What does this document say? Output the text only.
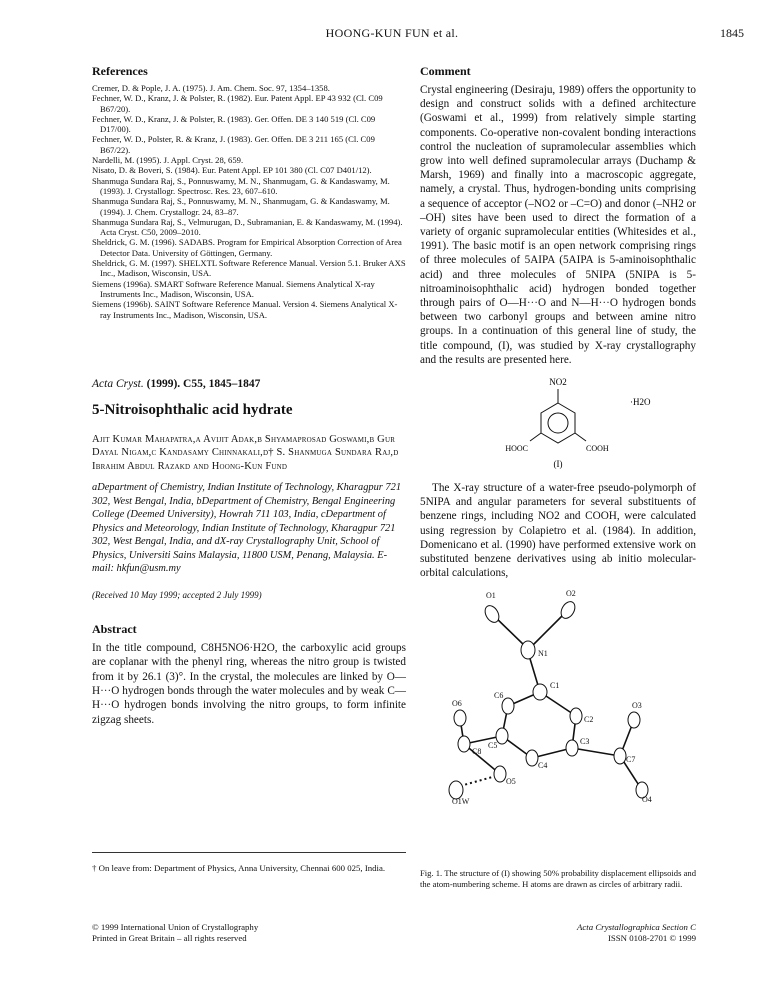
HOONG-KUN FUN et al.	1845
References

Cremer, D. & Pople, J. A. (1975). J. Am. Chem. Soc. 97, 1354–1358.

Fechner, W. D., Kranz, J. & Polster, R. (1982). Eur. Patent Appl. EP 43 932 (Cl. C09 B67/20).

Fechner, W. D., Kranz, J. & Polster, R. (1983). Ger. Offen. DE 3 140 519 (Cl. C09 D17/00).

Fechner, W. D., Polster, R. & Kranz, J. (1983). Ger. Offen. DE 3 211 165 (Cl. C09 B67/22).

Nardelli, M. (1995). J. Appl. Cryst. 28, 659.

Nisato, D. & Boveri, S. (1984). Eur. Patent Appl. EP 101 380 (Cl. C07 D401/12).

Shanmuga Sundara Raj, S., Ponnuswamy, M. N., Shanmugam, G. & Kandaswamy, M. (1993). J. Crystallogr. Spectrosc. Res. 23, 607–610.

Shanmuga Sundara Raj, S., Ponnuswamy, M. N., Shanmugam, G. & Kandaswamy, M. (1994). J. Chem. Crystallogr. 24, 83–87.

Shanmuga Sundara Raj, S., Velmurugan, D., Subramanian, E. & Kandaswamy, M. (1994). Acta Cryst. C50, 2009–2010.

Sheldrick, G. M. (1996). SADABS. Program for Empirical Absorption Correction of Area Detector Data. University of Göttingen, Germany.

Sheldrick, G. M. (1997). SHELXTL Software Reference Manual. Version 5.1. Bruker AXS Inc., Madison, Wisconsin, USA.

Siemens (1996a). SMART Software Reference Manual. Siemens Analytical X-ray Instruments Inc., Madison, Wisconsin, USA.

Siemens (1996b). SAINT Software Reference Manual. Version 4. Siemens Analytical X-ray Instruments Inc., Madison, Wisconsin, USA.

Acta Cryst. (1999). C55, 1845–1847
5-Nitroisophthalic acid hydrate
Ajit Kumar Mahapatra,a Avijit Adak,b Shyamaprosad Goswami,b Gur Dayal Nigam,c Kandasamy Chinnakali,d† S. Shanmuga Sundara Raj,d Ibrahim Abdul Razakd and Hoong-Kun Fund
aDepartment of Chemistry, Indian Institute of Technology, Kharagpur 721 302, West Bengal, India, bDepartment of Chemistry, Bengal Engineering College (Deemed University), Howrah 711 103, India, cDepartment of Physics and Meteorology, Indian Institute of Technology, Kharagpur 721 302, West Bengal, India, and dX-ray Crystallography Unit, School of Physics, Universiti Sains Malaysia, 11800 USM, Penang, Malaysia. E-mail: hkfun@usm.my
(Received 10 May 1999; accepted 2 July 1999)
Abstract
In the title compound, C8H5NO6·H2O, the carboxylic acid groups are coplanar with the phenyl ring, whereas the nitro group is twisted from it by 26.1 (3)°. In the crystal, the molecules are linked by O—H···O hydrogen bonds through the water molecules and by weak C—H···O hydrogen bonds involving the nitro groups, to form infinite zigzag sheets.
† On leave from: Department of Physics, Anna University, Chennai 600 025, India.
© 1999 International Union of Crystallography
Printed in Great Britain – all rights reserved
Comment

Crystal engineering (Desiraju, 1989) offers the opportunity to design and construct solids with a defined architecture (Goswami et al., 1999) from relatively simple starting components. Co-operative non-covalent bonding interactions control the nucleation of supramolecular assemblies which grow into well defined supramolecular arrays (Duchamp & Marsh, 1969) and finally into a macroscopic aggregate, namely, a crystal. Thus, hydrogen-bonding units comprising a sequence of acceptor (–NO2 or –C=O) and donor (–NH2 or –OH) sites have been used to direct the formation of a variety of organic supramolecular entities (Whitesides et al., 1991). The basic motif is an open network comprising rings of three molecules of 5AIPA (5AIPA is 5-aminoisophthalic acid) and three molecules of 5NIPA (5NIPA is 5-nitroaminoisophthalic acid) hydrogen bonded together through pairs of O—H···O and N—H···O hydrogen bonds between two carbonyl groups and between amine nitro groups. In a continuation of this general line of study, the title compound, (I), was studied by X-ray crystallography and the results are presented here.

NO2
·H2O
HOOC	COOH
(I)

The X-ray structure of a water-free pseudo-polymorph of 5NIPA and angular parameters for several substituents of benzene rings, including NO2 and COOH, were calculated using regression by Colapietro et al. (1984). In addition, Domenicano et al. (1990) have performed extensive work on substituted benzene derivatives using ab initio molecular-orbital calculations,

O1	O2
N1
C1
C6
C2
O3
O6
C3
C5
C7
C8
C4
O4
O5
O1W
Fig. 1. The structure of (I) showing 50% probability displacement ellipsoids and the atom-numbering scheme. H atoms are drawn as circles of arbitrary radii.
Acta Crystallographica Section C
ISSN 0108-2701 © 1999
